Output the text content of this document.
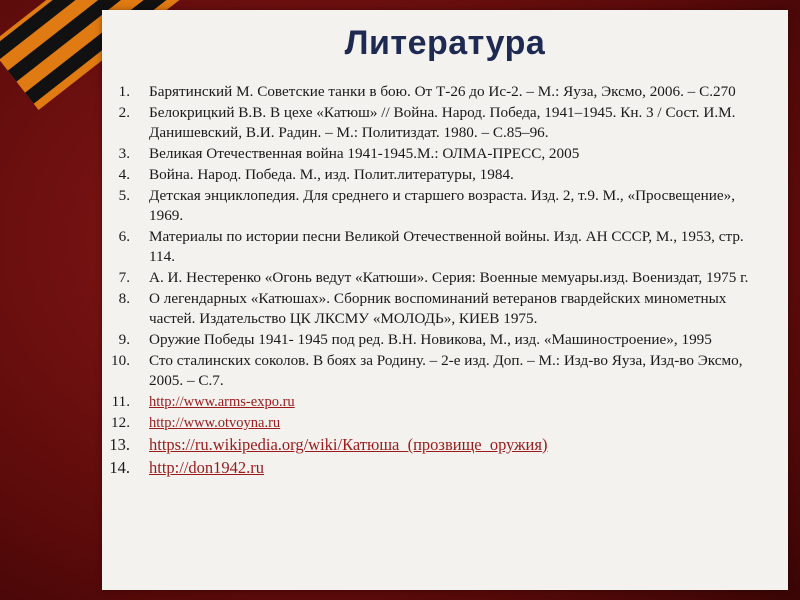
Литература
1. Барятинский М. Советские танки в бою. От Т-26 до Ис-2. – М.: Яуза, Эксмо, 2006. – С.270
2. Белокрицкий В.В. В цехе «Катюш» // Война. Народ. Победа, 1941–1945. Кн. 3 / Сост. И.М. Данишевский, В.И. Радин. – М.: Политиздат. 1980. – С.85–96.
3. Великая Отечественная война 1941-1945.М.: ОЛМА-ПРЕСС, 2005
4. Война. Народ. Победа. М., изд. Полит.литературы, 1984.
5. Детская энциклопедия. Для среднего и старшего возраста. Изд. 2, т.9. М., «Просвещение», 1969.
6. Материалы по истории песни Великой Отечественной войны. Изд. АН СССР, М., 1953, стр. 114.
7. А. И. Нестеренко «Огонь ведут «Катюши». Серия: Военные мемуары.изд. Воениздат, 1975 г.
8. О легендарных «Катюшах». Сборник воспоминаний ветеранов гвардейских минометных частей. Издательство ЦК ЛКСМУ «МОЛОДЬ», КИЕВ 1975.
9. Оружие Победы 1941- 1945 под ред. В.Н. Новикова, М., изд. «Машиностроение», 1995
10. Сто сталинских соколов. В боях за Родину. – 2-е изд. Доп. – М.: Изд-во Яуза, Изд-во Эксмо, 2005. – С.7.
11. http://www.arms-expo.ru
12. http://www.otvoyna.ru
13. https://ru.wikipedia.org/wiki/Катюша_(прозвище_оружия)
14. http://don1942.ru
